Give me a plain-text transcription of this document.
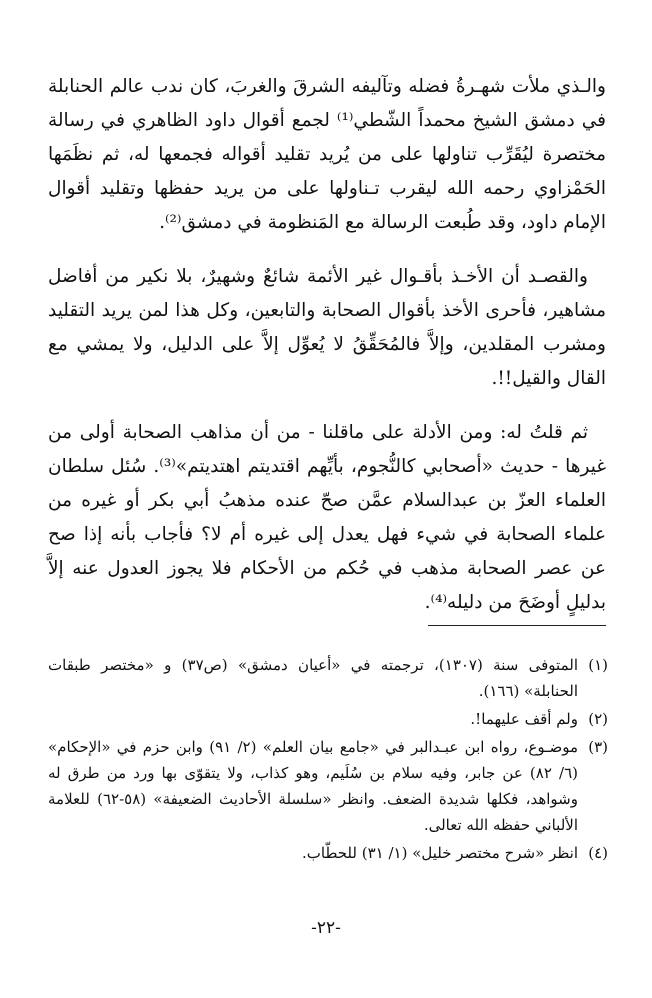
والـذي ملأت شهـرةُ فضله وتآليفه الشرقَ والغربَ، كان ندب عالم الحنابلة في دمشق الشيخ محمداً الشّطي⁽¹⁾ لجمع أقوال داود الظاهري في رسالة مختصرة ليُقَرِّب تناولها على من يُريد تقليد أقواله فجمعها له، ثم نظَمَها الحَمْزاوي رحمه الله ليقرب تـناولها على من يريد حفظها وتقليد أقوال الإمام داود، وقد طُبعت الرسالة مع المَنظومة في دمشق⁽²⁾.

والقصـد أن الأخـذ بأقـوال غير الأئمة شائعٌ وشهيرٌ، بلا نكير من أفاضل مشاهير، فأحرى الأخذ بأقوال الصحابة والتابعين، وكل هذا لمن يريد التقليد ومشرب المقلدين، وإلاَّ فالمُحَقِّقُ لا يُعوِّل إلاَّ على الدليل، ولا يمشي مع القال والقيل!!.

ثم قلتُ له: ومن الأدلة على ماقلنا - من أن مذاهب الصحابة أولى من غيرها - حديث «أصحابي كالنُّجوم، بأيِّهم اقتديتم اهتديتم»⁽³⁾. سُئل سلطان العلماء العزّ بن عبدالسلام عمَّن صحّ عنده مذهبُ أبي بكر أو غيره من علماء الصحابة في شيء فهل يعدل إلى غيره أم لا؟ فأجاب بأنه إذا صح عن عصر الصحابة مذهب في حُكم من الأحكام فلا يجوز العدول عنه إلاَّ بدليلٍ أوضَحَ من دليله⁽⁴⁾.

(١)
المتوفى سنة (١٣٠٧)، ترجمته في «أعيان دمشق» (ص٣٧) و «مختصر طبقات الحنابلة» (١٦٦).
(٢)
ولم أقف عليهما!.
(٣)
موضـوع، رواه ابن عبـدالبر في «جامع بيان العلم» (٢/ ٩١) وابن حزم في «الإحكام» (٦/ ٨٢) عن جابر، وفيه سلام بن سُلَيم، وهو كذاب، ولا يتقوّى بها ورد من طرق له وشواهد، فكلها شديدة الضعف. وانظر «سلسلة الأحاديث الضعيفة» (٥٨-٦٢) للعلامة الألباني حفظه الله تعالى.
(٤)
انظر «شرح مختصر خليل» (١/ ٣١) للحطّاب.
-٢٢-
